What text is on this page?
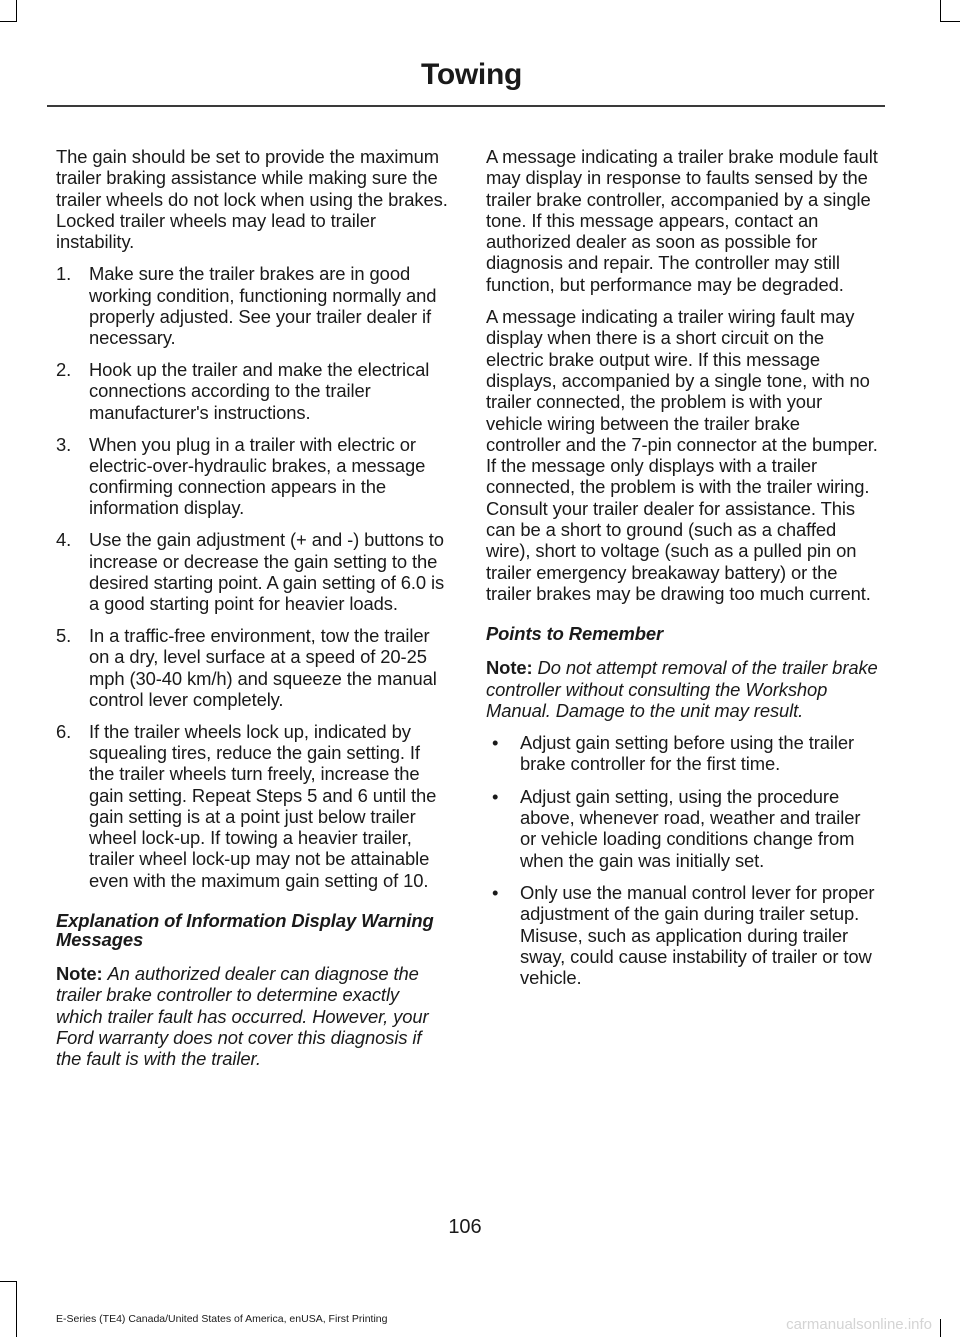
Towing

The gain should be set to provide the maximum trailer braking assistance while making sure the trailer wheels do not lock when using the brakes. Locked trailer wheels may lead to trailer instability.

1. Make sure the trailer brakes are in good working condition, functioning normally and properly adjusted. See your trailer dealer if necessary.
2. Hook up the trailer and make the electrical connections according to the trailer manufacturer's instructions.
3. When you plug in a trailer with electric or electric-over-hydraulic brakes, a message confirming connection appears in the information display.
4. Use the gain adjustment (+ and -) buttons to increase or decrease the gain setting to the desired starting point. A gain setting of 6.0 is a good starting point for heavier loads.
5. In a traffic-free environment, tow the trailer on a dry, level surface at a speed of 20-25 mph (30-40 km/h) and squeeze the manual control lever completely.
6. If the trailer wheels lock up, indicated by squealing tires, reduce the gain setting. If the trailer wheels turn freely, increase the gain setting. Repeat Steps 5 and 6 until the gain setting is at a point just below trailer wheel lock-up. If towing a heavier trailer, trailer wheel lock-up may not be attainable even with the maximum gain setting of 10.
Explanation of Information Display Warning Messages

Note: An authorized dealer can diagnose the trailer brake controller to determine exactly which trailer fault has occurred. However, your Ford warranty does not cover this diagnosis if the fault is with the trailer.

A message indicating a trailer brake module fault may display in response to faults sensed by the trailer brake controller, accompanied by a single tone. If this message appears, contact an authorized dealer as soon as possible for diagnosis and repair. The controller may still function, but performance may be degraded.

A message indicating a trailer wiring fault may display when there is a short circuit on the electric brake output wire. If this message displays, accompanied by a single tone, with no trailer connected, the problem is with your vehicle wiring between the trailer brake controller and the 7-pin connector at the bumper. If the message only displays with a trailer connected, the problem is with the trailer wiring. Consult your trailer dealer for assistance. This can be a short to ground (such as a chaffed wire), short to voltage (such as a pulled pin on trailer emergency breakaway battery) or the trailer brakes may be drawing too much current.

Points to Remember

Note: Do not attempt removal of the trailer brake controller without consulting the Workshop Manual. Damage to the unit may result.

• Adjust gain setting before using the trailer brake controller for the first time.
• Adjust gain setting, using the procedure above, whenever road, weather and trailer or vehicle loading conditions change from when the gain was initially set.
• Only use the manual control lever for proper adjustment of the gain during trailer setup. Misuse, such as application during trailer sway, could cause instability of trailer or tow vehicle.
106
E-Series (TE4) Canada/United States of America, enUSA, First Printing	carmanualsonline.info
